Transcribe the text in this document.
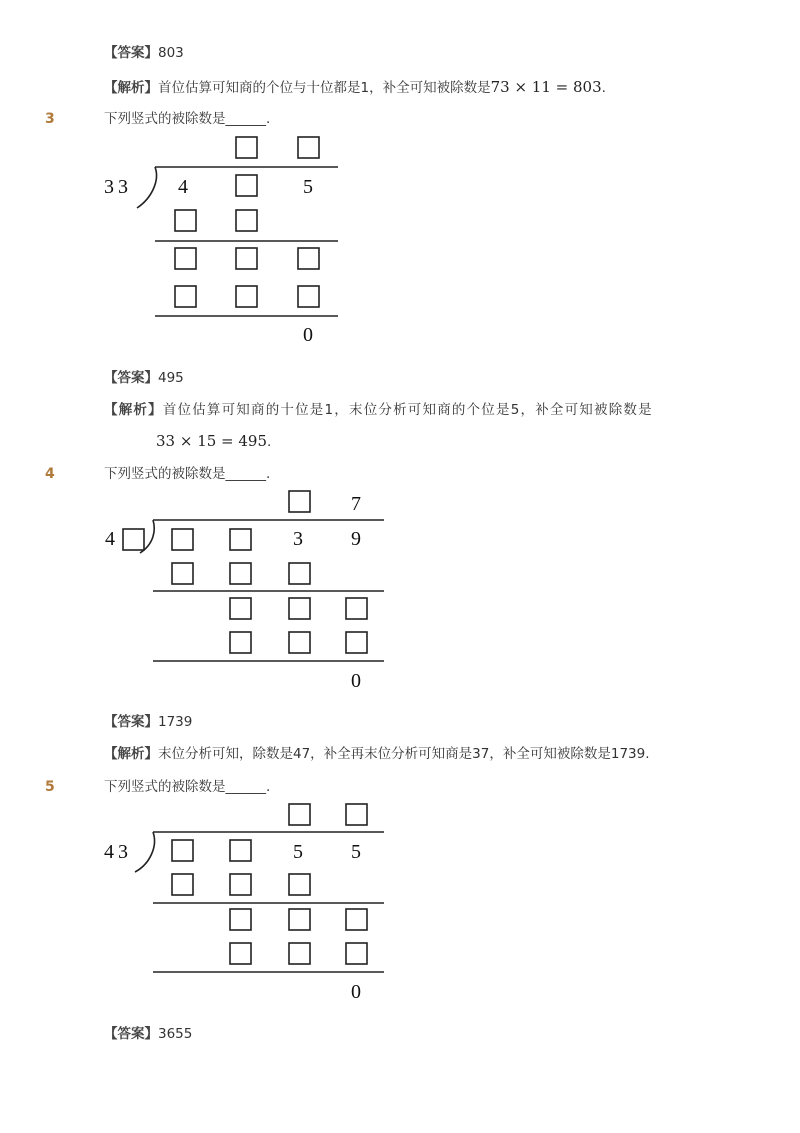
【答案】803
【解析】首位估算可知商的个位与十位都是1，补全可知被除数是73 × 11 = 803.
3	下列竖式的被除数是______.
3 3 4	5
0
【答案】495
【解析】首位估算可知商的十位是1，末位分析可知商的个位是5，补全可知被除数是
33 × 15 = 495.
4	下列竖式的被除数是______.
7
4	3 9
0
【答案】1739
【解析】末位分析可知，除数是47，补全再末位分析可知商是37，补全可知被除数是1739.
5	下列竖式的被除数是______.
4 3	5 5
0
【答案】3655
